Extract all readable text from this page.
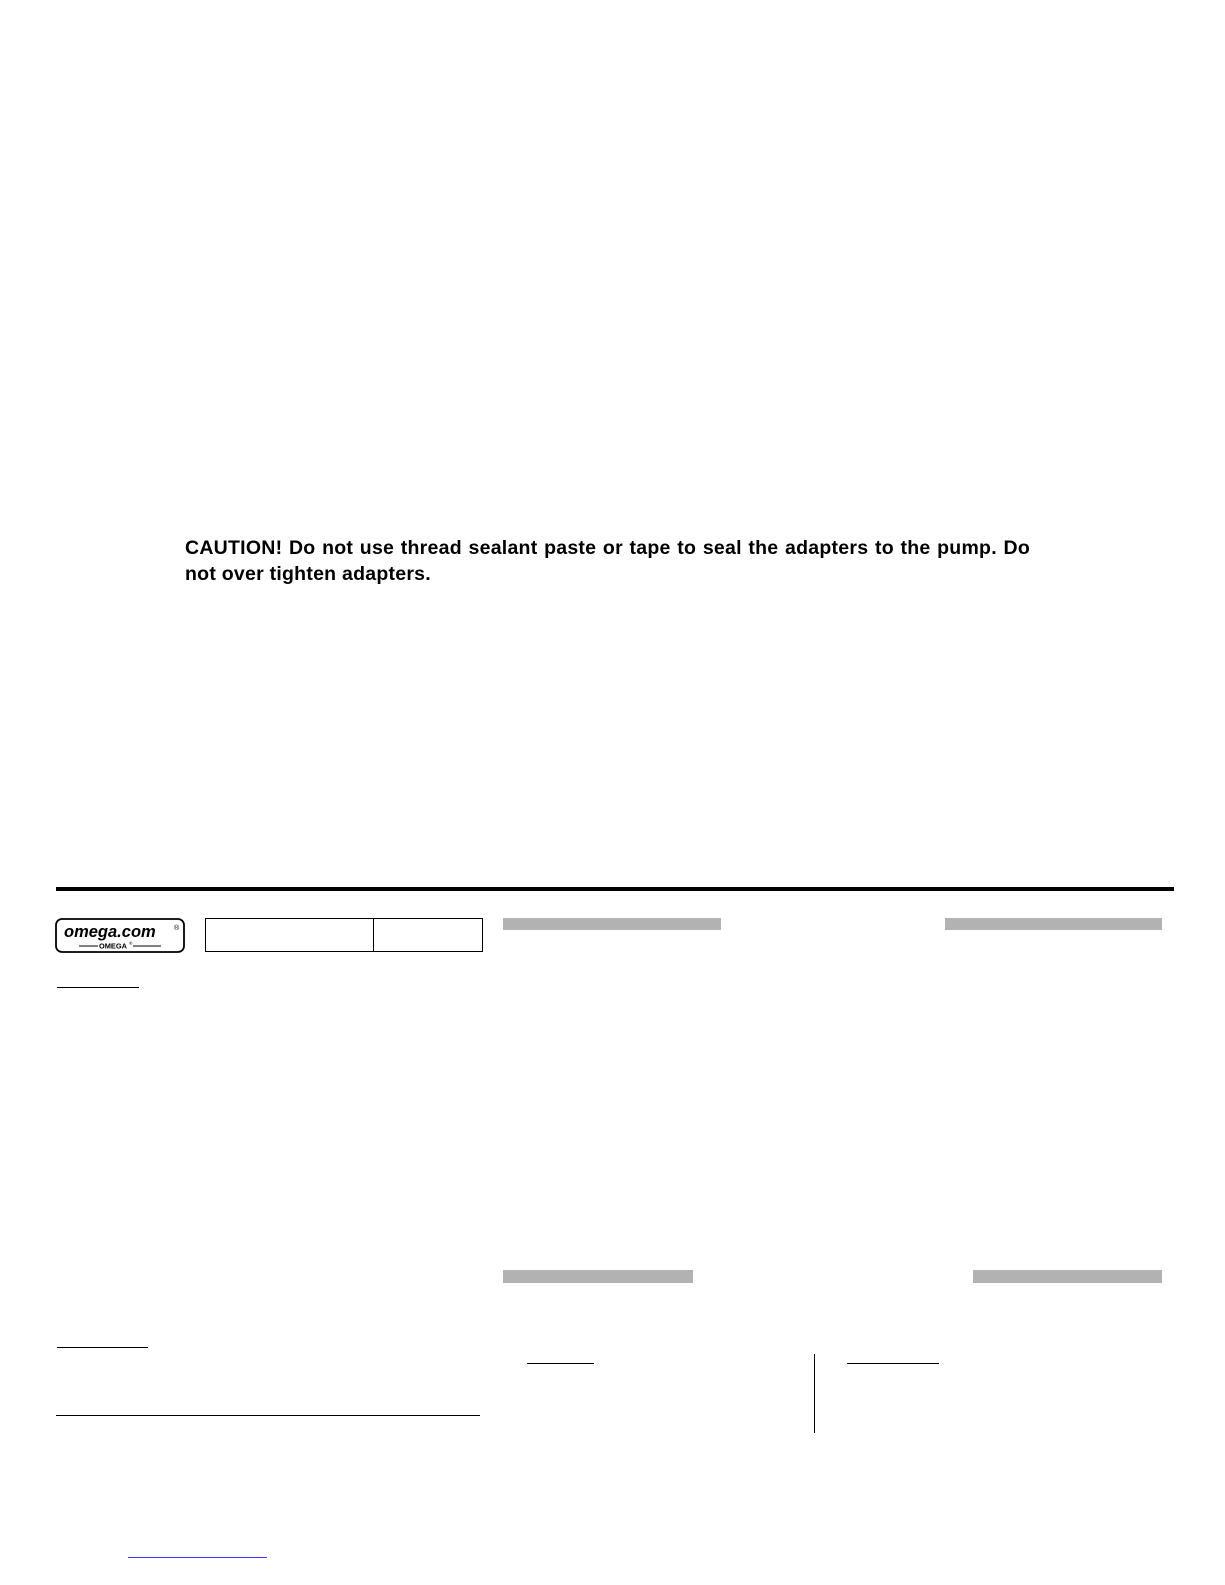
CAUTION! Do not use thread sealant paste or tape to seal the adapters to the pump. Do not over tighten adapters.

omega.com	®
OMEGA ®
